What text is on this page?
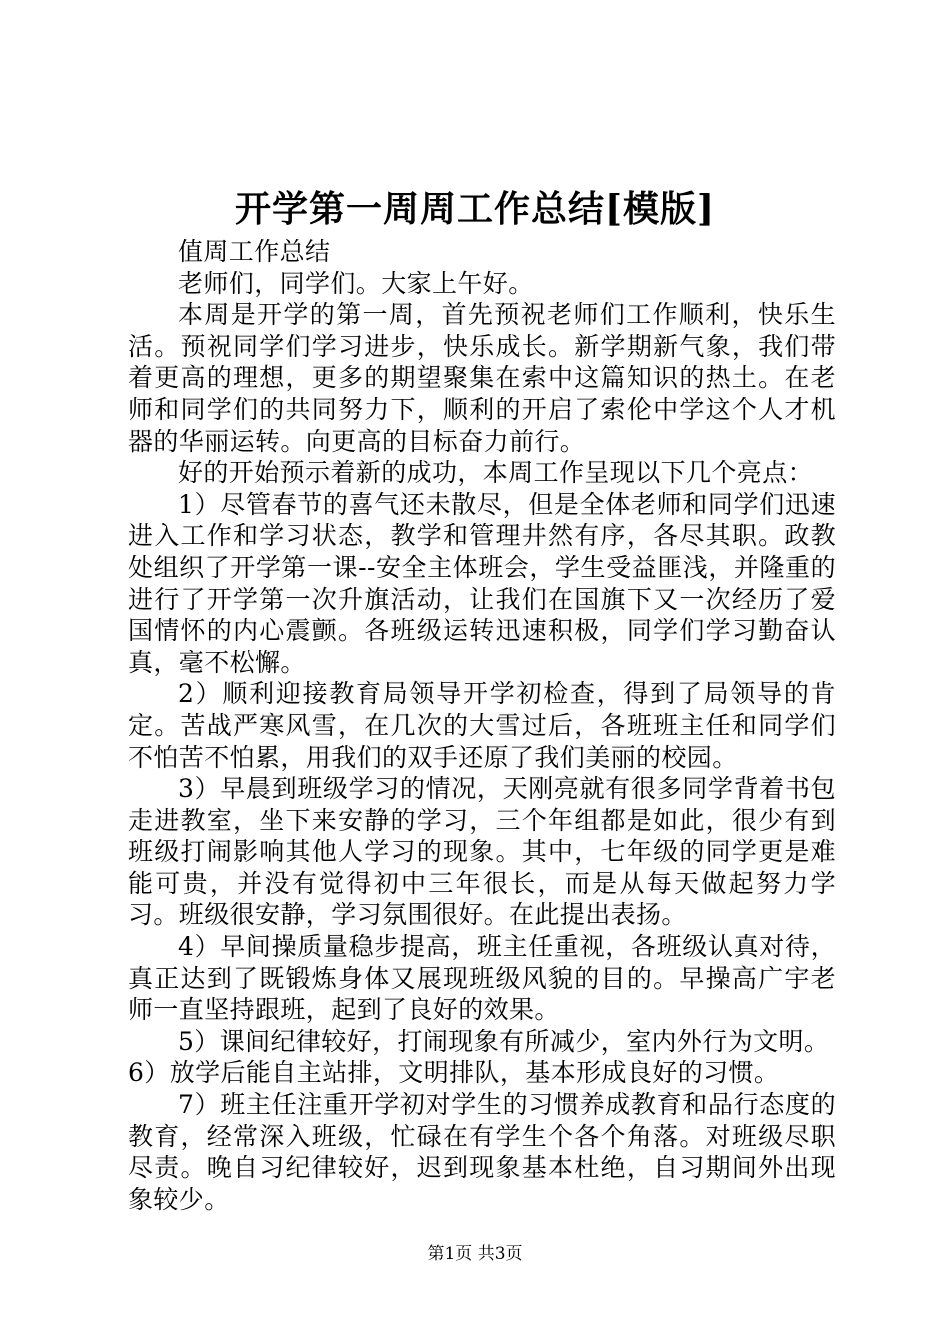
开学第一周周工作总结[模版]

值周工作总结

老师们，同学们。大家上午好。

本周是开学的第一周，首先预祝老师们工作顺利，快乐生活。预祝同学们学习进步，快乐成长。新学期新气象，我们带着更高的理想，更多的期望聚集在索中这篇知识的热土。在老师和同学们的共同努力下，顺利的开启了索伦中学这个人才机器的华丽运转。向更高的目标奋力前行。

好的开始预示着新的成功，本周工作呈现以下几个亮点：

1）尽管春节的喜气还未散尽，但是全体老师和同学们迅速进入工作和学习状态，教学和管理井然有序，各尽其职。政教处组织了开学第一课--安全主体班会，学生受益匪浅，并隆重的进行了开学第一次升旗活动，让我们在国旗下又一次经历了爱国情怀的内心震颤。各班级运转迅速积极，同学们学习勤奋认真，毫不松懈。

2）顺利迎接教育局领导开学初检查，得到了局领导的肯定。苦战严寒风雪，在几次的大雪过后，各班班主任和同学们不怕苦不怕累，用我们的双手还原了我们美丽的校园。

3）早晨到班级学习的情况，天刚亮就有很多同学背着书包走进教室，坐下来安静的学习，三个年组都是如此，很少有到班级打闹影响其他人学习的现象。其中，七年级的同学更是难能可贵，并没有觉得初中三年很长，而是从每天做起努力学习。班级很安静，学习氛围很好。在此提出表扬。

4）早间操质量稳步提高，班主任重视，各班级认真对待，真正达到了既锻炼身体又展现班级风貌的目的。早操高广宇老师一直坚持跟班，起到了良好的效果。

5）课间纪律较好，打闹现象有所减少，室内外行为文明。

6）放学后能自主站排，文明排队，基本形成良好的习惯。

7）班主任注重开学初对学生的习惯养成教育和品行态度的教育，经常深入班级，忙碌在有学生个各个角落。对班级尽职尽责。晚自习纪律较好，迟到现象基本杜绝，自习期间外出现象较少。

第1页 共3页
